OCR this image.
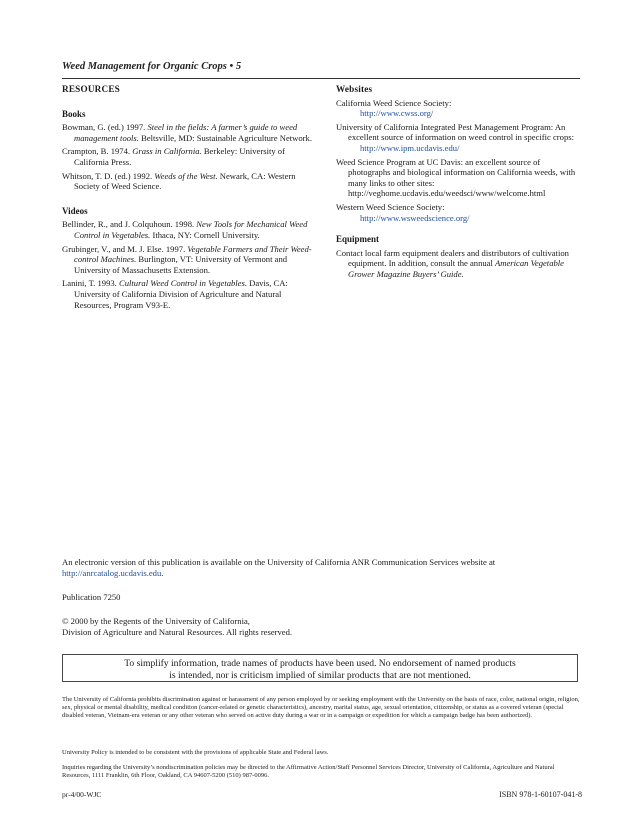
Weed Management for Organic Crops • 5
RESOURCES
Books
Bowman, G. (ed.) 1997. Steel in the fields: A farmer’s guide to weed management tools. Beltsville, MD: Sustainable Agriculture Network.
Crampton, B. 1974. Grass in California. Berkeley: University of California Press.
Whitson, T. D. (ed.) 1992. Weeds of the West. Newark, CA: Western Society of Weed Science.
Videos
Bellinder, R., and J. Colquhoun. 1998. New Tools for Mechanical Weed Control in Vegetables. Ithaca, NY: Cornell University.
Grubinger, V., and M. J. Else. 1997. Vegetable Farmers and Their Weed-control Machines. Burlington, VT: University of Vermont and University of Massachusetts Extension.
Lanini, T. 1993. Cultural Weed Control in Vegetables. Davis, CA: University of California Division of Agriculture and Natural Resources, Program V93-E.
Websites
California Weed Science Society:
http://www.cwss.org/
University of California Integrated Pest Management Program: An excellent source of information on weed control in specific crops:
http://www.ipm.ucdavis.edu/
Weed Science Program at UC Davis: an excellent source of photographs and biological information on California weeds, with many links to other sites: http://veghome.ucdavis.edu/weedsci/www/welcome.html
Western Weed Science Society:
http://www.wsweedscience.org/
Equipment
Contact local farm equipment dealers and distributors of cultivation equipment. In addition, consult the annual American Vegetable Grower Magazine Buyers’ Guide.
An electronic version of this publication is available on the University of California ANR Communication Services website at http://anrcatalog.ucdavis.edu.
Publication 7250
© 2000 by the Regents of the University of California,
Division of Agriculture and Natural Resources. All rights reserved.
To simplify information, trade names of products have been used. No endorsement of named products
is intended, nor is criticism implied of similar products that are not mentioned.
The University of California prohibits discrimination against or harassment of any person employed by or seeking employment with the University on the basis of race, color, national origin, religion, sex, physical or mental disability, medical condition (cancer-related or genetic characteristics), ancestry, marital status, age, sexual orientation, citizenship, or status as a covered veteran (special disabled veteran, Vietnam-era veteran or any other veteran who served on active duty during a war or in a campaign or expedition for which a campaign badge has been authorized).
University Policy is intended to be consistent with the provisions of applicable State and Federal laws.
Inquiries regarding the University’s nondiscrimination policies may be directed to the Affirmative Action/Staff Personnel Services Director, University of California, Agriculture and Natural Resources, 1111 Franklin, 6th Floor, Oakland, CA 94607-5200 (510) 987-0096.
pr-4/00-WJC	ISBN 978-1-60107-041-8
